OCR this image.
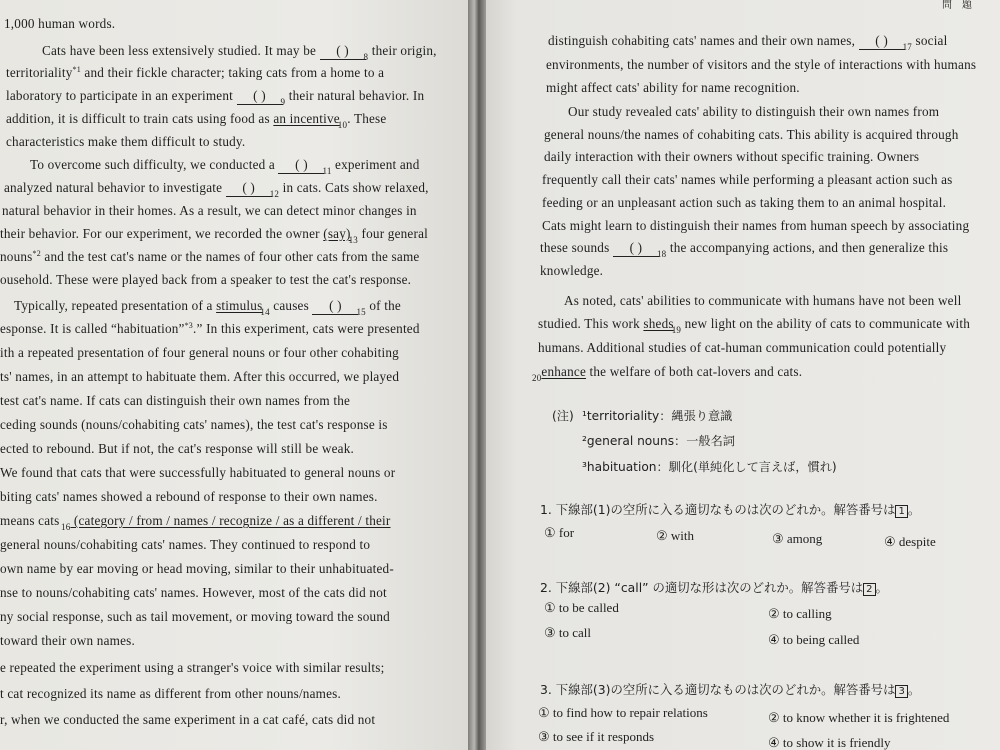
1,000 human words.
Cats have been less extensively studied. It may be ( ) $_8$ their origin,
territoriality$^{*1}$ and their fickle character; taking cats from a home to a
laboratory to participate in an experiment ( ) $_9$ their natural behavior. In
addition, it is difficult to train cats using food as an incentive$_{10}$. These
characteristics make them difficult to study.
To overcome such difficulty, we conducted a ( ) $_{11}$ experiment and
analyzed natural behavior to investigate ( ) $_{12}$ in cats. Cats show relaxed,
natural behavior in their homes. As a result, we can detect minor changes in
their behavior. For our experiment, we recorded the owner $(say)_{13}$ four general
nouns$^{*2}$ and the test cat's name or the names of four other cats from the same
ousehold. These were played back from a speaker to test the cat's response.
Typically, repeated presentation of a stimulus$_{14}$ causes ( ) $_{15}$ of the
esponse. It is called “habituation”$^{*3}$.” In this experiment, cats were presented
ith a repeated presentation of four general nouns or four other cohabiting
ts' names, in an attempt to habituate them. After this occurred, we played
test cat's name. If cats can distinguish their own names from the
ceding sounds (nouns/cohabiting cats' names), the test cat's response is
ected to rebound. But if not, the cat's response will still be weak.
We found that cats that were successfully habituated to general nouns or
biting cats' names showed a rebound of response to their own names.
means cats $_{16}$ (category / from / names / recognize / as a different / their
general nouns/cohabiting cats' names. They continued to respond to
own name by ear moving or head moving, similar to their unhabituated-
nse to nouns/cohabiting cats' names. However, most of the cats did not
ny social response, such as tail movement, or moving toward the sound
toward their own names.
e repeated the experiment using a stranger's voice with similar results;
t cat recognized its name as different from other nouns/names.
r, when we conducted the same experiment in a cat café, cats did not
問　題
distinguish cohabiting cats' names and their own names, ( ) $_{17}$ social
environments, the number of visitors and the style of interactions with humans
might affect cats' ability for name recognition.
Our study revealed cats' ability to distinguish their own names from
general nouns/the names of cohabiting cats. This ability is acquired through
daily interaction with their owners without specific training. Owners
frequently call their cats' names while performing a pleasant action such as
feeding or an unpleasant action such as taking them to an animal hospital.
Cats might learn to distinguish their names from human speech by associating
these sounds ( ) $_{18}$ the accompanying actions, and then generalize this
knowledge.
As noted, cats' abilities to communicate with humans have not been well
studied. This work sheds$_{19}$ new light on the ability of cats to communicate with
humans. Additional studies of cat-human communication could potentially
$_{20}$enhance the welfare of both cat-lovers and cats.
(注) ¹territoriality：縄張り意識
²general nouns：一般名詞
³habituation：馴化(単純化して言えば，慣れ)
1. 下線部(1)の空所に入る適切なものは次のどれか。解答番号は 1 。
2. 下線部(2) “call” の適切な形は次のどれか。解答番号は 2 。
3. 下線部(3)の空所に入る適切なものは次のどれか。解答番号は 3 。
① for	② with	③ among	④ despite
① to be called	② to calling
③ to call	④ to being called
① to find how to repair relations	② to know whether it is frightened
③ to see if it responds	④ to show it is friendly
